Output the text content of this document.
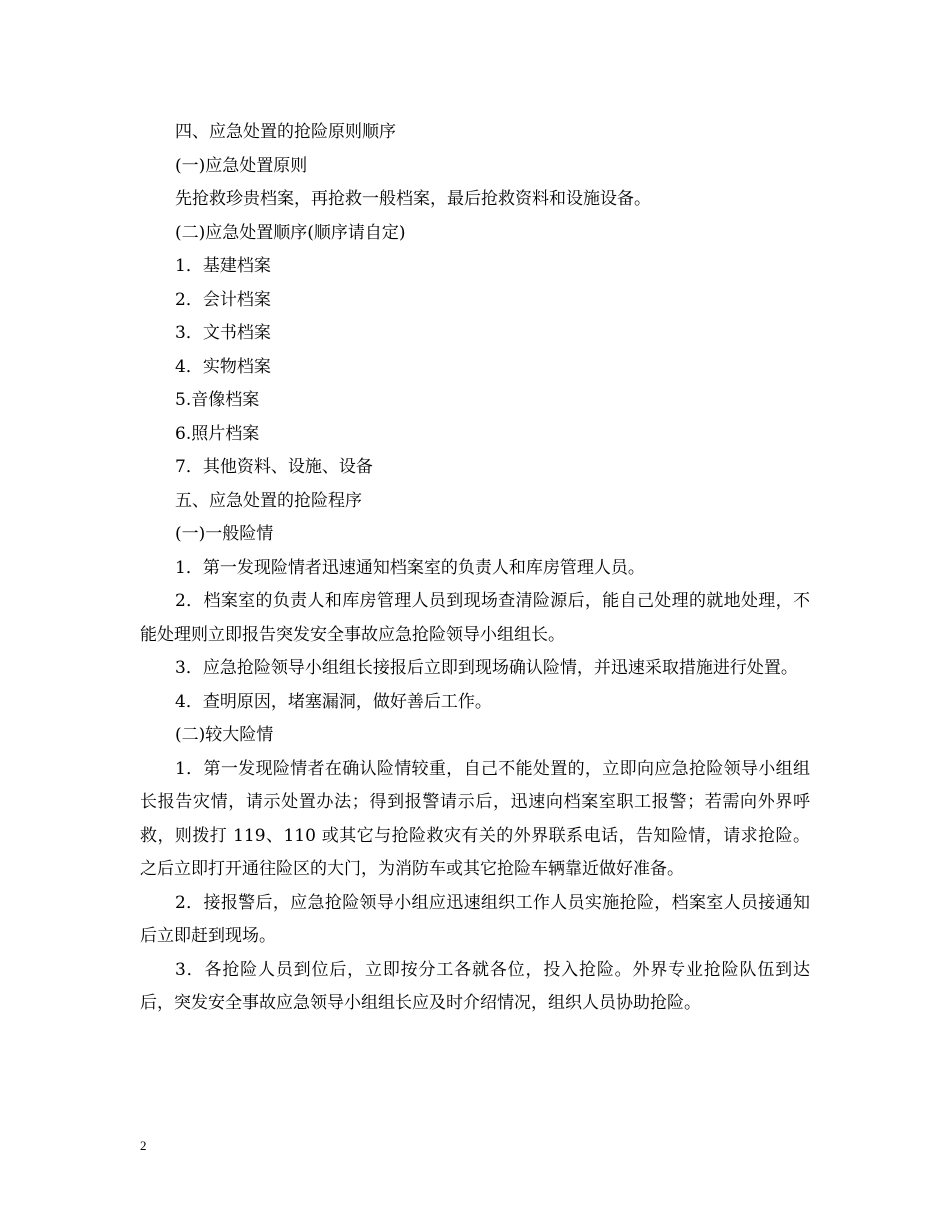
四、应急处置的抢险原则顺序
(一)应急处置原则
先抢救珍贵档案，再抢救一般档案，最后抢救资料和设施设备。
(二)应急处置顺序(顺序请自定)
1．基建档案
2．会计档案
3．文书档案
4．实物档案
5.音像档案
6.照片档案
7．其他资料、设施、设备
五、应急处置的抢险程序
(一)一般险情
1．第一发现险情者迅速通知档案室的负责人和库房管理人员。
2．档案室的负责人和库房管理人员到现场查清险源后，能自己处理的就地处理，不能处理则立即报告突发安全事故应急抢险领导小组组长。
3．应急抢险领导小组组长接报后立即到现场确认险情，并迅速采取措施进行处置。
4．查明原因，堵塞漏洞，做好善后工作。
(二)较大险情
1．第一发现险情者在确认险情较重，自己不能处置的，立即向应急抢险领导小组组长报告灾情，请示处置办法；得到报警请示后，迅速向档案室职工报警；若需向外界呼救，则拨打 119、110 或其它与抢险救灾有关的外界联系电话，告知险情，请求抢险。之后立即打开通往险区的大门，为消防车或其它抢险车辆靠近做好准备。
2．接报警后，应急抢险领导小组应迅速组织工作人员实施抢险，档案室人员接通知后立即赶到现场。
3．各抢险人员到位后，立即按分工各就各位，投入抢险。外界专业抢险队伍到达后，突发安全事故应急领导小组组长应及时介绍情况，组织人员协助抢险。
2
